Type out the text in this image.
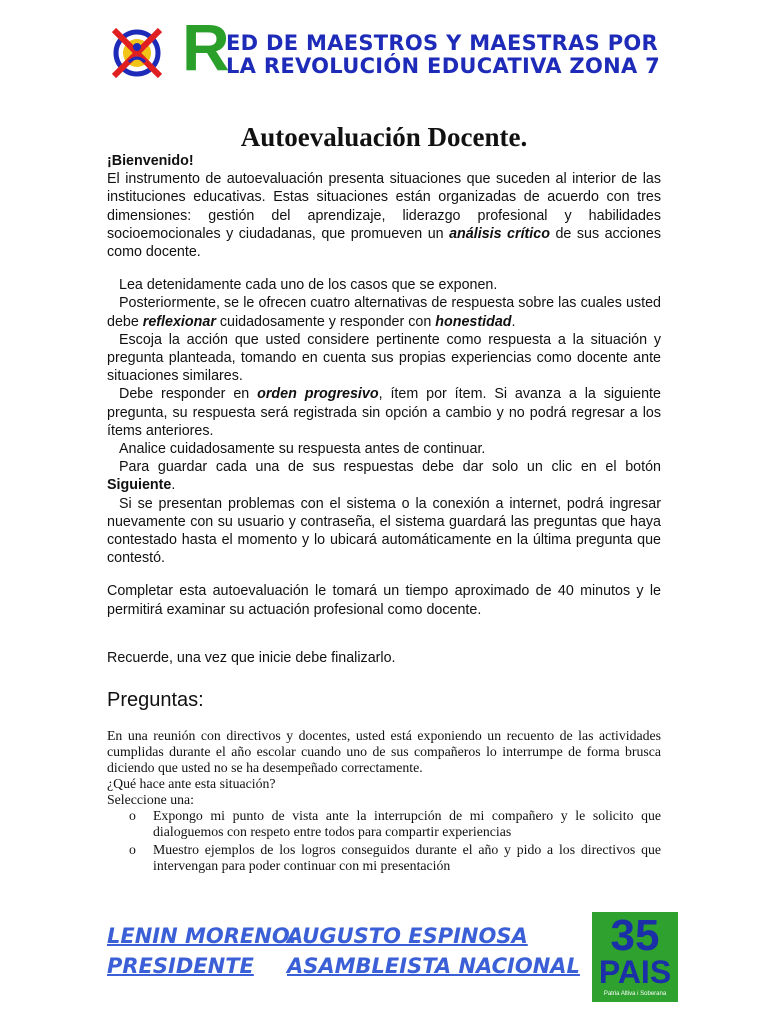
R
ED DE MAESTROS Y MAESTRAS POR
LA REVOLUCIÓN EDUCATIVA ZONA 7
Autoevaluación Docente.

¡Bienvenido!

El instrumento de autoevaluación presenta situaciones que suceden al interior de las instituciones educativas. Estas situaciones están organizadas de acuerdo con tres dimensiones: gestión del aprendizaje, liderazgo profesional y habilidades socioemocionales y ciudadanas, que promueven un análisis crítico de sus acciones como docente.

Lea detenidamente cada uno de los casos que se exponen.

Posteriormente, se le ofrecen cuatro alternativas de respuesta sobre las cuales usted debe reflexionar cuidadosamente y responder con honestidad.

Escoja la acción que usted considere pertinente como respuesta a la situación y pregunta planteada, tomando en cuenta sus propias experiencias como docente ante situaciones similares.

Debe responder en orden progresivo, ítem por ítem. Si avanza a la siguiente pregunta, su respuesta será registrada sin opción a cambio y no podrá regresar a los ítems anteriores.

Analice cuidadosamente su respuesta antes de continuar.

Para guardar cada una de sus respuestas debe dar solo un clic en el botón Siguiente.

Si se presentan problemas con el sistema o la conexión a internet, podrá ingresar nuevamente con su usuario y contraseña, el sistema guardará las preguntas que haya contestado hasta el momento y lo ubicará automáticamente en la última pregunta que contestó.

Completar esta autoevaluación le tomará un tiempo aproximado de 40 minutos y le permitirá examinar su actuación profesional como docente.

Recuerde, una vez que inicie debe finalizarlo.

Preguntas:

En una reunión con directivos y docentes, usted está exponiendo un recuento de las actividades cumplidas durante el año escolar cuando uno de sus compañeros lo interrumpe de forma brusca diciendo que usted no se ha desempeñado correctamente.

¿Qué hace ante esta situación?

Seleccione una:

o Expongo mi punto de vista ante la interrupción de mi compañero y le solicito que dialoguemos con respeto entre todos para compartir experiencias
o Muestro ejemplos de los logros conseguidos durante el año y pido a los directivos que intervengan para poder continuar con mi presentación
LENIN MORENO.
PRESIDENTE
AUGUSTO ESPINOSA
ASAMBLEISTA NACIONAL
35
PAIS
Patria Altiva i Soberana
